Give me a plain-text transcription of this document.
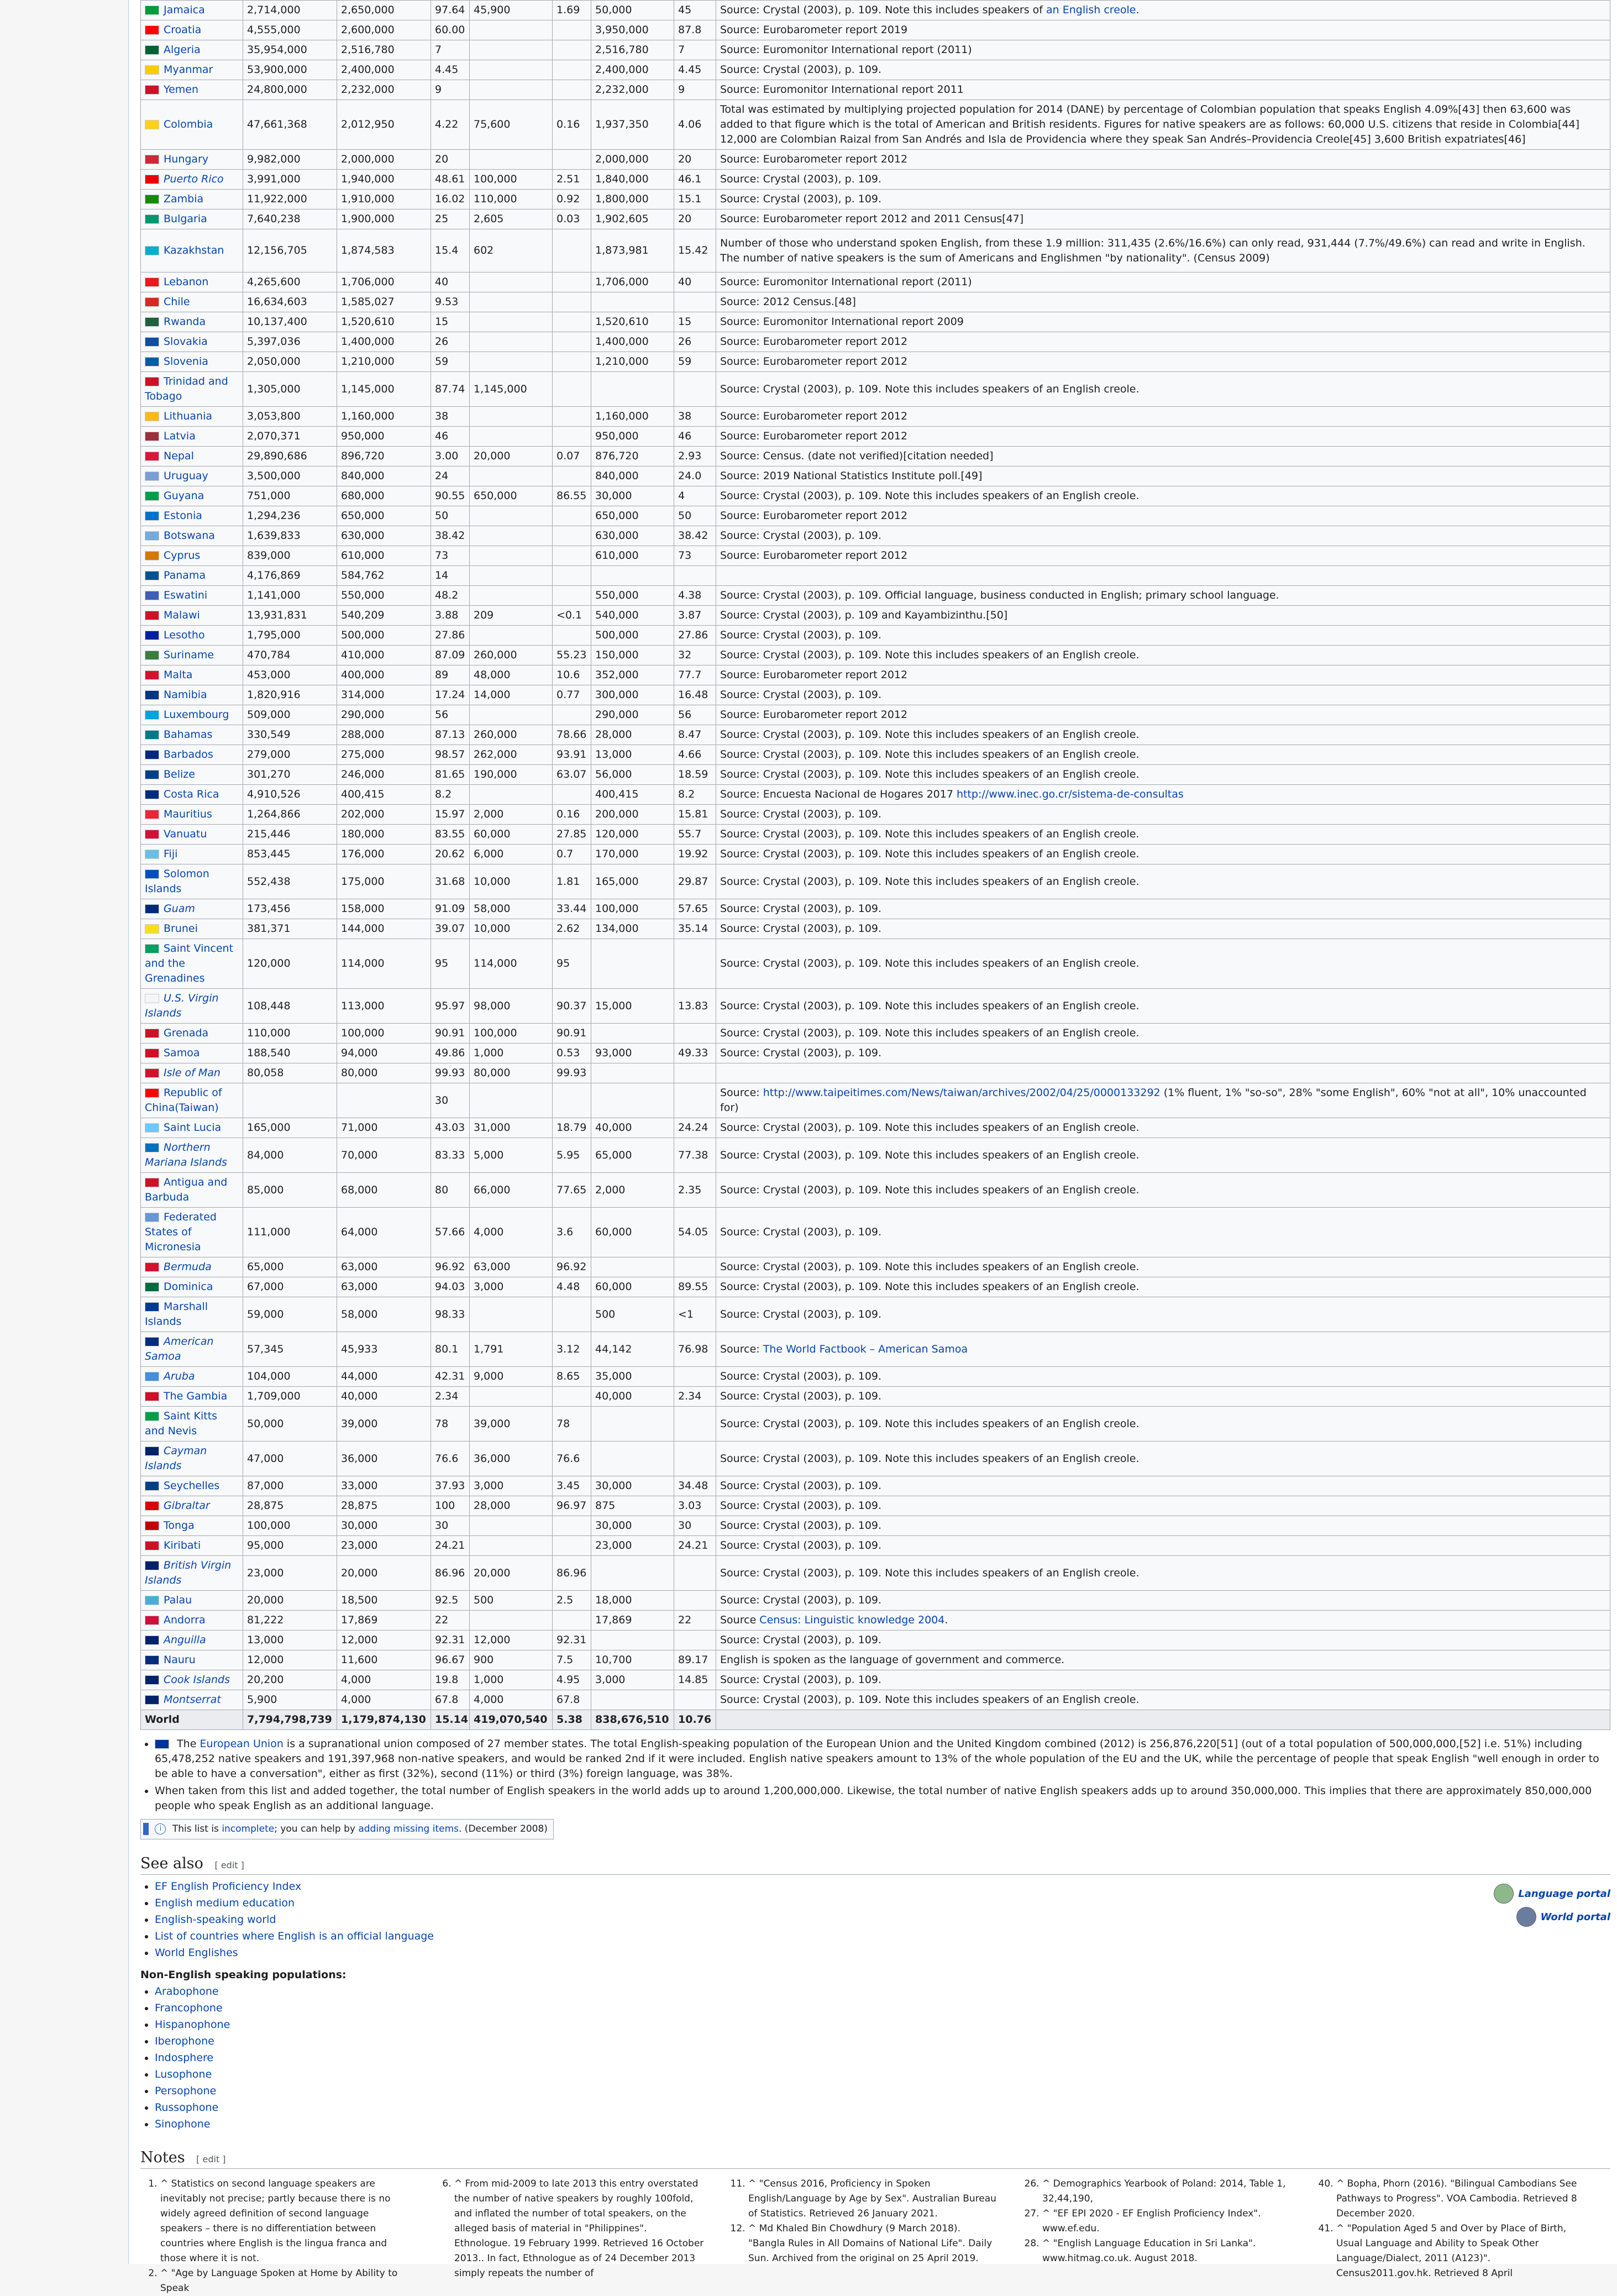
Jamaica	2,714,000	2,650,000	97.64	45,900	1.69	50,000	45	Source: Crystal (2003), p. 109. Note this includes speakers of an English creole.
Croatia	4,555,000	2,600,000	60.00			3,950,000	87.8	Source: Eurobarometer report 2019
Algeria	35,954,000	2,516,780	7			2,516,780	7	Source: Euromonitor International report (2011)
Myanmar	53,900,000	2,400,000	4.45			2,400,000	4.45	Source: Crystal (2003), p. 109.
Yemen	24,800,000	2,232,000	9			2,232,000	9	Source: Euromonitor International report 2011
Colombia	47,661,368	2,012,950	4.22	75,600	0.16	1,937,350	4.06	Total was estimated by multiplying projected population for 2014 (DANE) by percentage of Colombian population that speaks English 4.09%[43] then 63,600 was added to that figure which is the total of American and British residents. Figures for native speakers are as follows: 60,000 U.S. citizens that reside in Colombia[44] 12,000 are Colombian Raizal from San Andrés and Isla de Providencia where they speak San Andrés–Providencia Creole[45] 3,600 British expatriates[46]
Hungary	9,982,000	2,000,000	20			2,000,000	20	Source: Eurobarometer report 2012
Puerto Rico	3,991,000	1,940,000	48.61	100,000	2.51	1,840,000	46.1	Source: Crystal (2003), p. 109.
Zambia	11,922,000	1,910,000	16.02	110,000	0.92	1,800,000	15.1	Source: Crystal (2003), p. 109.
Bulgaria	7,640,238	1,900,000	25	2,605	0.03	1,902,605	20	Source: Eurobarometer report 2012 and 2011 Census[47]
Kazakhstan	12,156,705	1,874,583	15.4	602		1,873,981	15.42	Number of those who understand spoken English, from these 1.9 million: 311,435 (2.6%/16.6%) can only read, 931,444 (7.7%/49.6%) can read and write in English. The number of native speakers is the sum of Americans and Englishmen "by nationality". (Census 2009)
Lebanon	4,265,600	1,706,000	40			1,706,000	40	Source: Euromonitor International report (2011)
Chile	16,634,603	1,585,027	9.53					Source: 2012 Census.[48]
Rwanda	10,137,400	1,520,610	15			1,520,610	15	Source: Euromonitor International report 2009
Slovakia	5,397,036	1,400,000	26			1,400,000	26	Source: Eurobarometer report 2012
Slovenia	2,050,000	1,210,000	59			1,210,000	59	Source: Eurobarometer report 2012
Trinidad and Tobago	1,305,000	1,145,000	87.74	1,145,000				Source: Crystal (2003), p. 109. Note this includes speakers of an English creole.
Lithuania	3,053,800	1,160,000	38			1,160,000	38	Source: Eurobarometer report 2012
Latvia	2,070,371	950,000	46			950,000	46	Source: Eurobarometer report 2012
Nepal	29,890,686	896,720	3.00	20,000	0.07	876,720	2.93	Source: Census. (date not verified)[citation needed]
Uruguay	3,500,000	840,000	24			840,000	24.0	Source: 2019 National Statistics Institute poll.[49]
Guyana	751,000	680,000	90.55	650,000	86.55	30,000	4	Source: Crystal (2003), p. 109. Note this includes speakers of an English creole.
Estonia	1,294,236	650,000	50			650,000	50	Source: Eurobarometer report 2012
Botswana	1,639,833	630,000	38.42			630,000	38.42	Source: Crystal (2003), p. 109.
Cyprus	839,000	610,000	73			610,000	73	Source: Eurobarometer report 2012
Panama	4,176,869	584,762	14					
Eswatini	1,141,000	550,000	48.2			550,000	4.38	Source: Crystal (2003), p. 109. Official language, business conducted in English; primary school language.
Malawi	13,931,831	540,209	3.88	209	<0.1	540,000	3.87	Source: Crystal (2003), p. 109 and Kayambizinthu.[50]
Lesotho	1,795,000	500,000	27.86			500,000	27.86	Source: Crystal (2003), p. 109.
Suriname	470,784	410,000	87.09	260,000	55.23	150,000	32	Source: Crystal (2003), p. 109. Note this includes speakers of an English creole.
Malta	453,000	400,000	89	48,000	10.6	352,000	77.7	Source: Eurobarometer report 2012
Namibia	1,820,916	314,000	17.24	14,000	0.77	300,000	16.48	Source: Crystal (2003), p. 109.
Luxembourg	509,000	290,000	56			290,000	56	Source: Eurobarometer report 2012
Bahamas	330,549	288,000	87.13	260,000	78.66	28,000	8.47	Source: Crystal (2003), p. 109. Note this includes speakers of an English creole.
Barbados	279,000	275,000	98.57	262,000	93.91	13,000	4.66	Source: Crystal (2003), p. 109. Note this includes speakers of an English creole.
Belize	301,270	246,000	81.65	190,000	63.07	56,000	18.59	Source: Crystal (2003), p. 109. Note this includes speakers of an English creole.
Costa Rica	4,910,526	400,415	8.2			400,415	8.2	Source: Encuesta Nacional de Hogares 2017 http://www.inec.go.cr/sistema-de-consultas
Mauritius	1,264,866	202,000	15.97	2,000	0.16	200,000	15.81	Source: Crystal (2003), p. 109.
Vanuatu	215,446	180,000	83.55	60,000	27.85	120,000	55.7	Source: Crystal (2003), p. 109. Note this includes speakers of an English creole.
Fiji	853,445	176,000	20.62	6,000	0.7	170,000	19.92	Source: Crystal (2003), p. 109. Note this includes speakers of an English creole.
Solomon Islands	552,438	175,000	31.68	10,000	1.81	165,000	29.87	Source: Crystal (2003), p. 109. Note this includes speakers of an English creole.
Guam	173,456	158,000	91.09	58,000	33.44	100,000	57.65	Source: Crystal (2003), p. 109.
Brunei	381,371	144,000	39.07	10,000	2.62	134,000	35.14	Source: Crystal (2003), p. 109.
Saint Vincent and the Grenadines	120,000	114,000	95	114,000	95			Source: Crystal (2003), p. 109. Note this includes speakers of an English creole.
U.S. Virgin Islands	108,448	113,000	95.97	98,000	90.37	15,000	13.83	Source: Crystal (2003), p. 109. Note this includes speakers of an English creole.
Grenada	110,000	100,000	90.91	100,000	90.91			Source: Crystal (2003), p. 109. Note this includes speakers of an English creole.
Samoa	188,540	94,000	49.86	1,000	0.53	93,000	49.33	Source: Crystal (2003), p. 109.
Isle of Man	80,058	80,000	99.93	80,000	99.93			
Republic of China(Taiwan)			30					Source: http://www.taipeitimes.com/News/taiwan/archives/2002/04/25/0000133292 (1% fluent, 1% "so-so", 28% "some English", 60% "not at all", 10% unaccounted for)
Saint Lucia	165,000	71,000	43.03	31,000	18.79	40,000	24.24	Source: Crystal (2003), p. 109. Note this includes speakers of an English creole.
Northern Mariana Islands	84,000	70,000	83.33	5,000	5.95	65,000	77.38	Source: Crystal (2003), p. 109. Note this includes speakers of an English creole.
Antigua and Barbuda	85,000	68,000	80	66,000	77.65	2,000	2.35	Source: Crystal (2003), p. 109. Note this includes speakers of an English creole.
Federated States of Micronesia	111,000	64,000	57.66	4,000	3.6	60,000	54.05	Source: Crystal (2003), p. 109.
Bermuda	65,000	63,000	96.92	63,000	96.92			Source: Crystal (2003), p. 109. Note this includes speakers of an English creole.
Dominica	67,000	63,000	94.03	3,000	4.48	60,000	89.55	Source: Crystal (2003), p. 109. Note this includes speakers of an English creole.
Marshall Islands	59,000	58,000	98.33			500	<1	Source: Crystal (2003), p. 109.
American Samoa	57,345	45,933	80.1	1,791	3.12	44,142	76.98	Source: The World Factbook – American Samoa
Aruba	104,000	44,000	42.31	9,000	8.65	35,000		Source: Crystal (2003), p. 109.
The Gambia	1,709,000	40,000	2.34			40,000	2.34	Source: Crystal (2003), p. 109.
Saint Kitts and Nevis	50,000	39,000	78	39,000	78			Source: Crystal (2003), p. 109. Note this includes speakers of an English creole.
Cayman Islands	47,000	36,000	76.6	36,000	76.6			Source: Crystal (2003), p. 109. Note this includes speakers of an English creole.
Seychelles	87,000	33,000	37.93	3,000	3.45	30,000	34.48	Source: Crystal (2003), p. 109.
Gibraltar	28,875	28,875	100	28,000	96.97	875	3.03	Source: Crystal (2003), p. 109.
Tonga	100,000	30,000	30			30,000	30	Source: Crystal (2003), p. 109.
Kiribati	95,000	23,000	24.21			23,000	24.21	Source: Crystal (2003), p. 109.
British Virgin Islands	23,000	20,000	86.96	20,000	86.96			Source: Crystal (2003), p. 109. Note this includes speakers of an English creole.
Palau	20,000	18,500	92.5	500	2.5	18,000		Source: Crystal (2003), p. 109.
Andorra	81,222	17,869	22			17,869	22	Source Census: Linguistic knowledge 2004.
Anguilla	13,000	12,000	92.31	12,000	92.31			Source: Crystal (2003), p. 109.
Nauru	12,000	11,600	96.67	900	7.5	10,700	89.17	English is spoken as the language of government and commerce.
Cook Islands	20,200	4,000	19.8	1,000	4.95	3,000	14.85	Source: Crystal (2003), p. 109.
Montserrat	5,900	4,000	67.8	4,000	67.8			Source: Crystal (2003), p. 109. Note this includes speakers of an English creole.
World	7,794,798,739	1,179,874,130	15.14	419,070,540	5.38	838,676,510	10.76	
• The European Union is a supranational union composed of 27 member states. The total English-speaking population of the European Union and the United Kingdom combined (2012) is 256,876,220[51] (out of a total population of 500,000,000,[52] i.e. 51%) including 65,478,252 native speakers and 191,397,968 non-native speakers, and would be ranked 2nd if it were included. English native speakers amount to 13% of the whole population of the EU and the UK, while the percentage of people that speak English "well enough in order to be able to have a conversation", either as first (32%), second (11%) or third (3%) foreign language, was 38%.
• When taken from this list and added together, the total number of English speakers in the world adds up to around 1,200,000,000. Likewise, the total number of native English speakers adds up to around 350,000,000. This implies that there are approximately 850,000,000 people who speak English as an additional language.
i This list is incomplete; you can help by adding missing items. (December 2008)
See also [ edit ]
Language portal
World portal
• EF English Proficiency Index
• English medium education
• English-speaking world
• List of countries where English is an official language
• World Englishes
Non-English speaking populations:
• Arabophone
• Francophone
• Hispanophone
• Iberophone
• Indosphere
• Lusophone
• Persophone
• Russophone
• Sinophone
Notes [ edit ]
1. ^ Statistics on second language speakers are inevitably not precise; partly because there is no widely agreed definition of second language speakers – there is no differentiation between countries where English is the lingua franca and those where it is not.
2. ^ "Age by Language Spoken at Home by Ability to Speak
6. ^ From mid-2009 to late 2013 this entry overstated the number of native speakers by roughly 100fold, and inflated the number of total speakers, on the alleged basis of material in "Philippines". Ethnologue. 19 February 1999. Retrieved 16 October 2013.. In fact, Ethnologue as of 24 December 2013 simply repeats the number of
11. ^ "Census 2016, Proficiency in Spoken English/Language by Age by Sex". Australian Bureau of Statistics. Retrieved 26 January 2021.
12. ^ Md Khaled Bin Chowdhury (9 March 2018). "Bangla Rules in All Domains of National Life". Daily Sun. Archived from the original on 25 April 2019.
26. ^ Demographics Yearbook of Poland: 2014, Table 1, 32,44,190,
27. ^ "EF EPI 2020 - EF English Proficiency Index". www.ef.edu.
28. ^ "English Language Education in Sri Lanka". www.hitmag.co.uk. August 2018.
40. ^ Bopha, Phorn (2016). "Bilingual Cambodians See Pathways to Progress". VOA Cambodia. Retrieved 8 December 2020.
41. ^ "Population Aged 5 and Over by Place of Birth, Usual Language and Ability to Speak Other Language/Dialect, 2011 (A123)". Census2011.gov.hk. Retrieved 8 April
